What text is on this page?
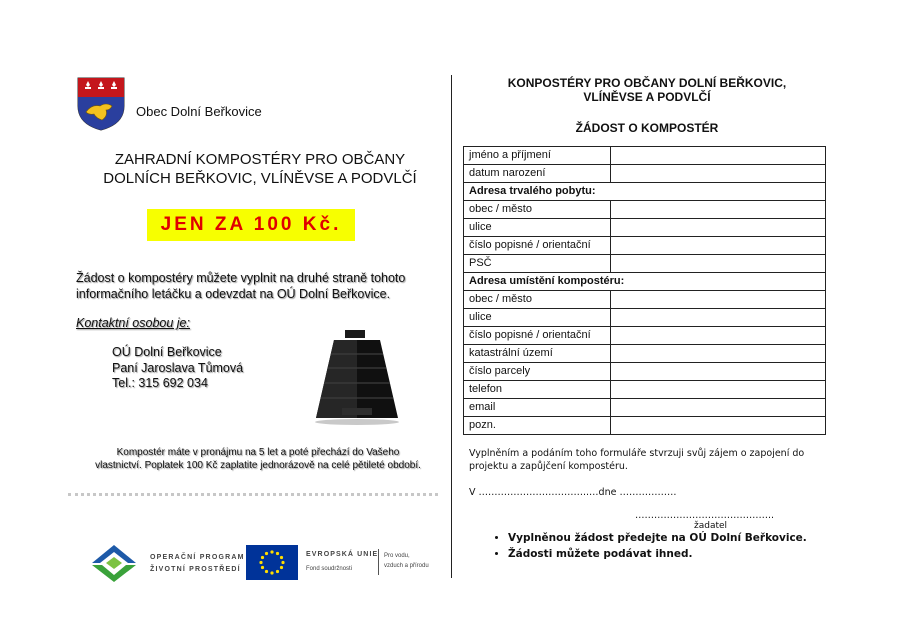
Obec Dolní Beřkovice
ZAHRADNÍ KOMPOSTÉRY PRO OBČANY
DOLNÍCH BEŘKOVIC, VLÍNĚVSE A PODVLČÍ
JEN ZA 100 Kč.
Žádost o kompostéry můžete vyplnit na druhé straně tohoto informačního letáčku a odevzdat na OÚ Dolní Beřkovice.
Kontaktní osobou je:
OÚ Dolní Beřkovice
Paní Jaroslava Tůmová
Tel.: 315 692 034
Kompostér máte v pronájmu na 5 let a poté přechází do Vašeho
vlastnictví. Poplatek 100 Kč zaplatite jednorázově na celé pětileté období.
OPERAČNÍ PROGRAM
ŽIVOTNÍ PROSTŘEDÍ
EVROPSKÁ UNIE
Fond soudržnosti
Pro vodu,
vzduch a přírodu
KONPOSTÉRY PRO OBČANY DOLNÍ BEŘKOVIC,
VLÍNĚVSE A PODVLČÍ
ŽÁDOST O KOMPOSTÉR
jméno a příjmení	
datum narození	
Adresa trvalého pobytu:	
obec / město	
ulice	
číslo popisné / orientační	
PSČ	
Adresa umístění kompostéru:	
obec / město	
ulice	
číslo popisné / orientační	
katastrální území	
číslo parcely	
telefon	
email	
pozn.	
Vyplněním a podáním toho formuláře stvrzuji svůj zájem o zapojení do projektu a zapůjčení kompostéru.
V ……………………………..…dne ………………
……………………………………..
žadatel
• Vyplněnou žádost předejte na OÚ Dolní Beřkovice.
• Žádosti můžete podávat ihned.
